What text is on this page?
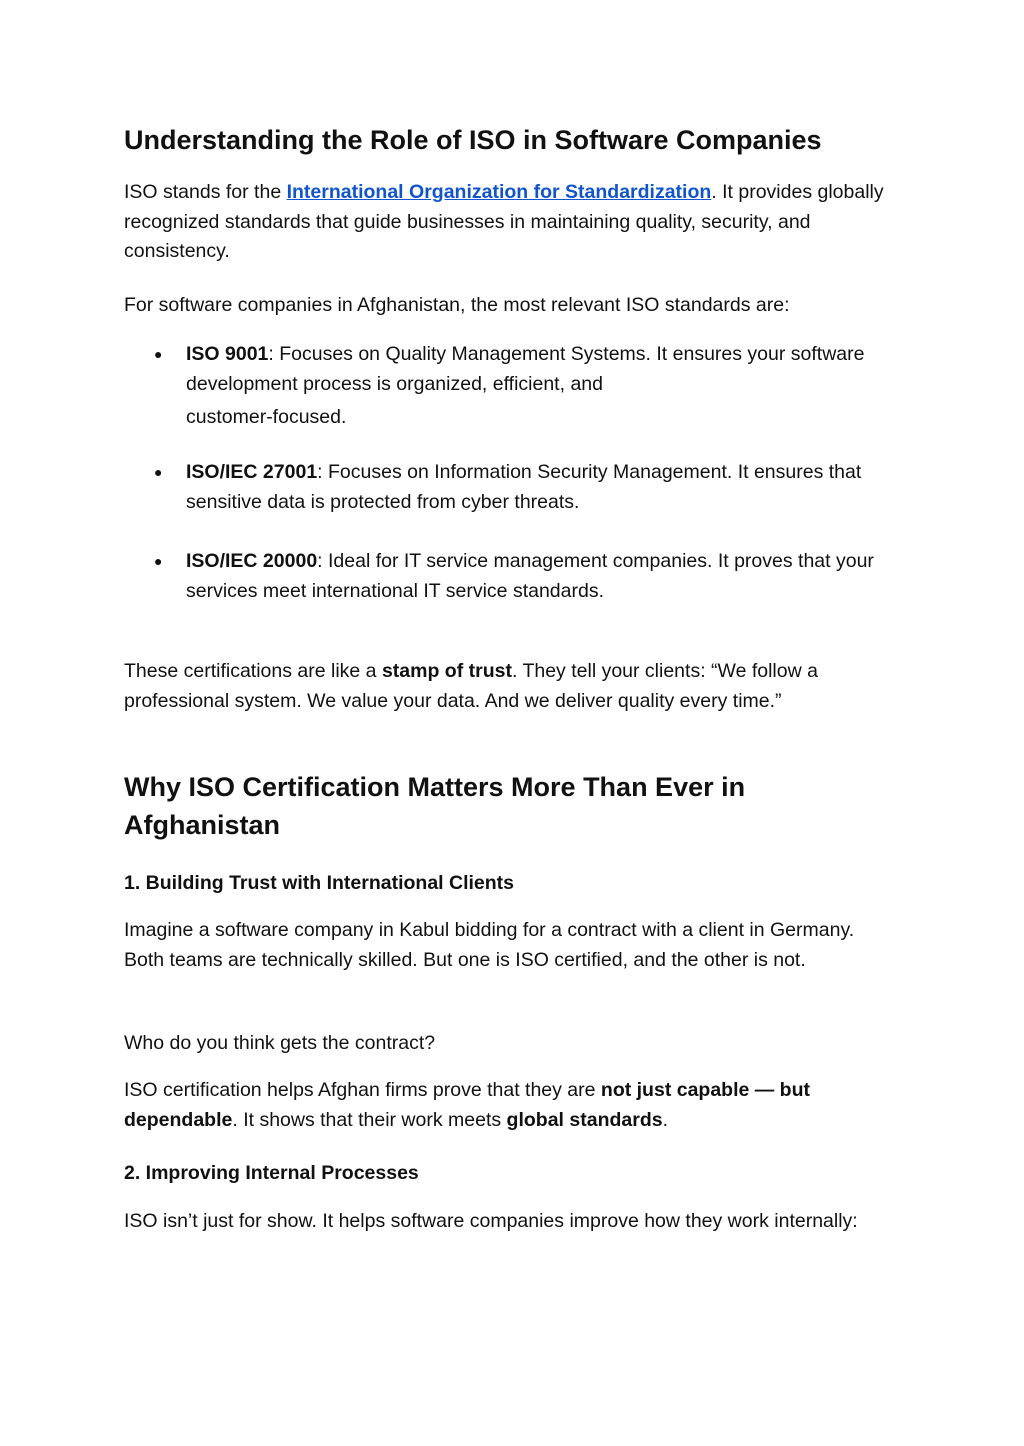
Understanding the Role of ISO in Software Companies

ISO stands for the International Organization for Standardization. It provides globally recognized standards that guide businesses in maintaining quality, security, and consistency.

For software companies in Afghanistan, the most relevant ISO standards are:

● ISO 9001: Focuses on Quality Management Systems. It ensures your software development process is organized, efficient, and
customer-focused.
● ISO/IEC 27001: Focuses on Information Security Management. It ensures that sensitive data is protected from cyber threats.
● ISO/IEC 20000: Ideal for IT service management companies. It proves that your services meet international IT service standards.

These certifications are like a stamp of trust. They tell your clients: “We follow a professional system. We value your data. And we deliver quality every time.”

Why ISO Certification Matters More Than Ever in Afghanistan
1. Building Trust with International Clients

Imagine a software company in Kabul bidding for a contract with a client in Germany. Both teams are technically skilled. But one is ISO certified, and the other is not.

Who do you think gets the contract?

ISO certification helps Afghan firms prove that they are not just capable — but dependable. It shows that their work meets global standards.

2. Improving Internal Processes

ISO isn’t just for show. It helps software companies improve how they work internally:
